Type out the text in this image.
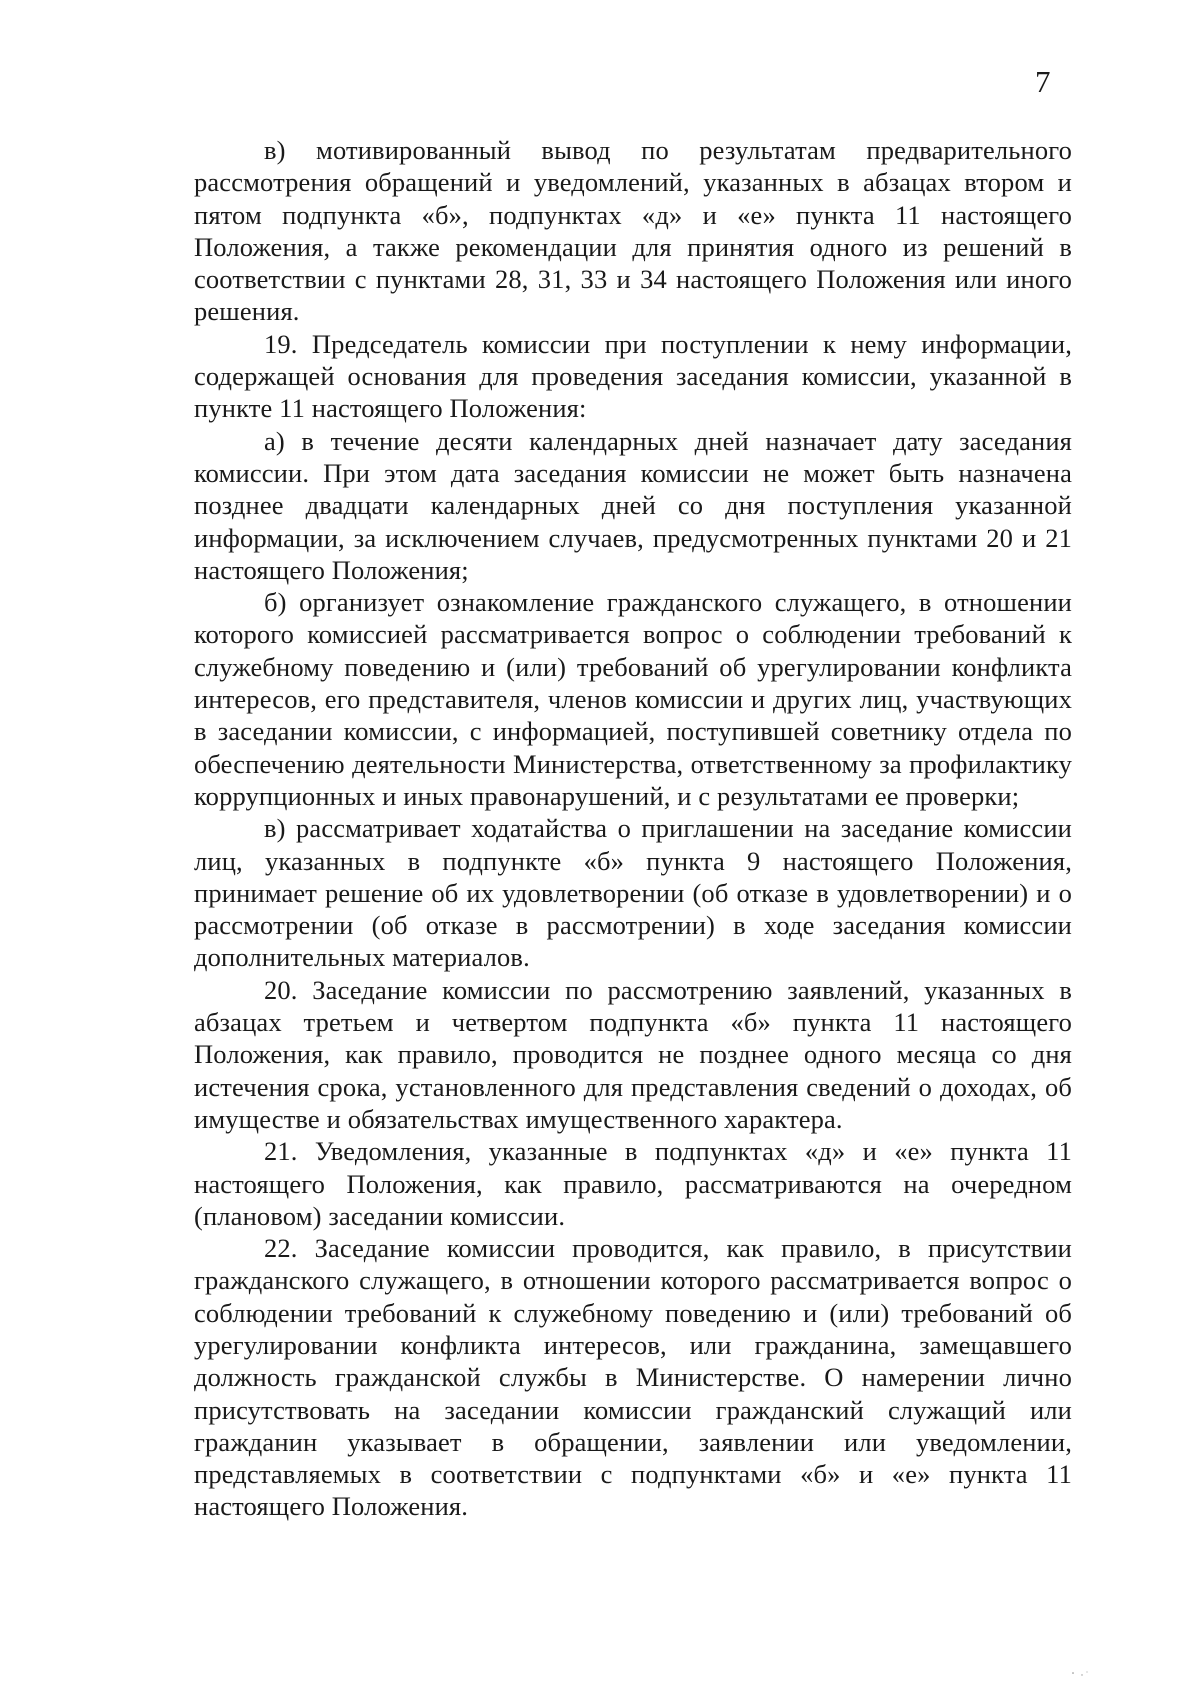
7

в) мотивированный вывод по результатам предварительного рассмотрения обращений и уведомлений, указанных в абзацах втором и пятом подпункта «б», подпунктах «д» и «е» пункта 11 настоящего Положения, а также рекомендации для принятия одного из решений в соответствии с пунктами 28, 31, 33 и 34 настоящего Положения или иного решения.

19. Председатель комиссии при поступлении к нему информации, содержащей основания для проведения заседания комиссии, указанной в пункте 11 настоящего Положения:

а) в течение десяти календарных дней назначает дату заседания комиссии. При этом дата заседания комиссии не может быть назначена позднее двадцати календарных дней со дня поступления указанной информации, за исключением случаев, предусмотренных пунктами 20 и 21 настоящего Положения;

б) организует ознакомление гражданского служащего, в отношении которого комиссией рассматривается вопрос о соблюдении требований к служебному поведению и (или) требований об урегулировании конфликта интересов, его представителя, членов комиссии и других лиц, участвующих в заседании комиссии, с информацией, поступившей советнику отдела по обеспечению деятельности Министерства, ответственному за профилактику коррупционных и иных правонарушений, и с результатами ее проверки;

в) рассматривает ходатайства о приглашении на заседание комиссии лиц, указанных в подпункте «б» пункта 9 настоящего Положения, принимает решение об их удовлетворении (об отказе в удовлетворении) и о рассмотрении (об отказе в рассмотрении) в ходе заседания комиссии дополнительных материалов.

20. Заседание комиссии по рассмотрению заявлений, указанных в абзацах третьем и четвертом подпункта «б» пункта 11 настоящего Положения, как правило, проводится не позднее одного месяца со дня истечения срока, установленного для представления сведений о доходах, об имуществе и обязательствах имущественного характера.

21. Уведомления, указанные в подпунктах «д» и «е» пункта 11 настоящего Положения, как правило, рассматриваются на очередном (плановом) заседании комиссии.

22. Заседание комиссии проводится, как правило, в присутствии гражданского служащего, в отношении которого рассматривается вопрос о соблюдении требований к служебному поведению и (или) требований об урегулировании конфликта интересов, или гражданина, замещавшего должность гражданской службы в Министерстве. О намерении лично присутствовать на заседании комиссии гражданский служащий или гражданин указывает в обращении, заявлении или уведомлении, представляемых в соответствии с подпунктами «б» и «е» пункта 11 настоящего Положения.
